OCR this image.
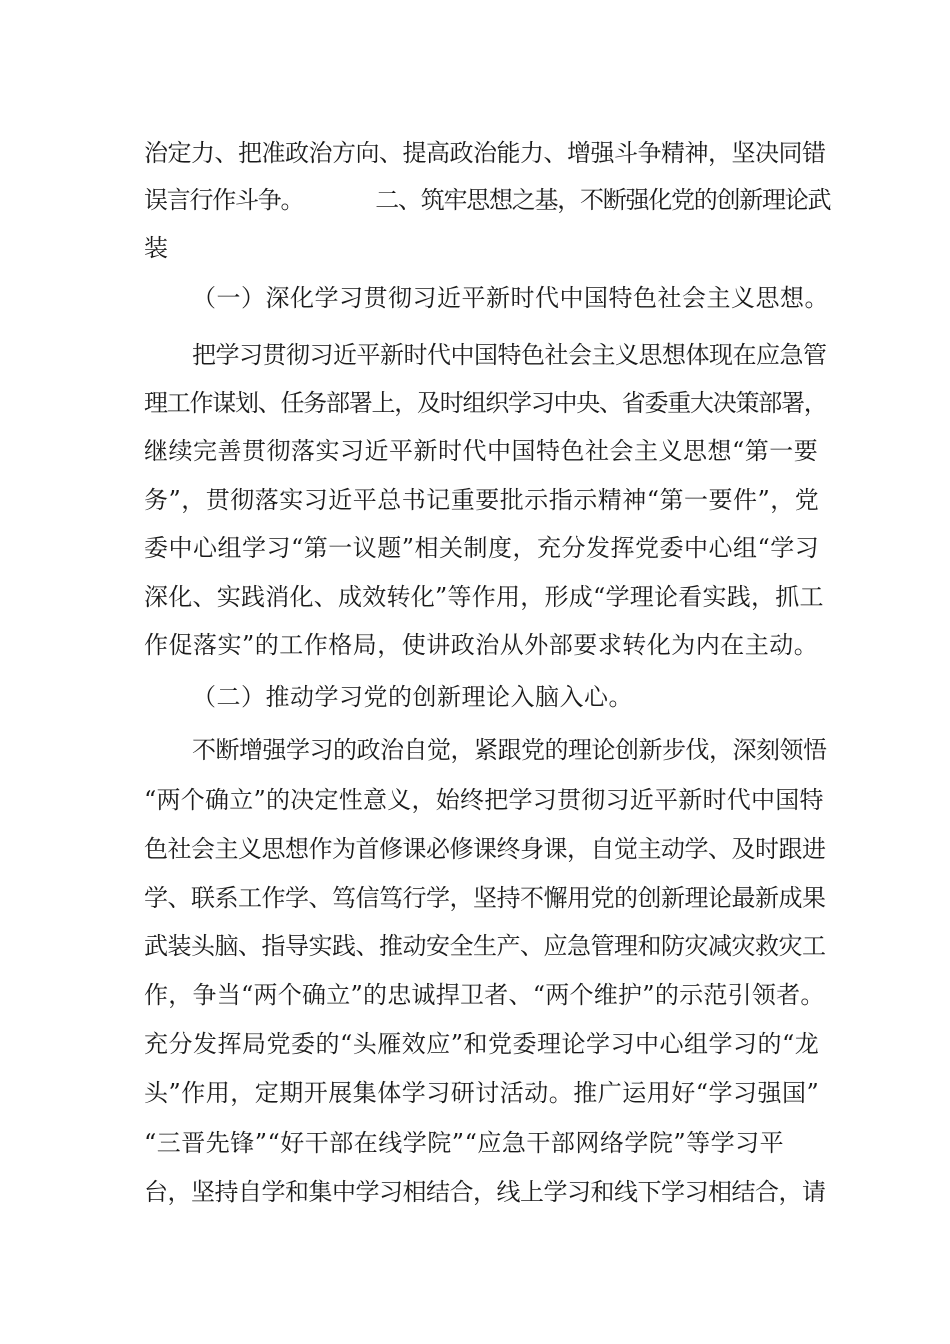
治定力、把准政治方向、提高政治能力、增强斗争精神，坚决同错
误言行作斗争。	二、筑牢思想之基，不断强化党的创新理论武
装
（一）深化学习贯彻习近平新时代中国特色社会主义思想。
把学习贯彻习近平新时代中国特色社会主义思想体现在应急管
理工作谋划、任务部署上，及时组织学习中央、省委重大决策部署，
继续完善贯彻落实习近平新时代中国特色社会主义思想“第一要
务”，贯彻落实习近平总书记重要批示指示精神“第一要件”，党
委中心组学习“第一议题”相关制度，充分发挥党委中心组“学习
深化、实践消化、成效转化”等作用，形成“学理论看实践，抓工
作促落实”的工作格局，使讲政治从外部要求转化为内在主动。
（二）推动学习党的创新理论入脑入心。
不断增强学习的政治自觉，紧跟党的理论创新步伐，深刻领悟
“两个确立”的决定性意义，始终把学习贯彻习近平新时代中国特
色社会主义思想作为首修课必修课终身课，自觉主动学、及时跟进
学、联系工作学、笃信笃行学，坚持不懈用党的创新理论最新成果
武装头脑、指导实践、推动安全生产、应急管理和防灾减灾救灾工
作，争当“两个确立”的忠诚捍卫者、“两个维护”的示范引领者。
充分发挥局党委的“头雁效应”和党委理论学习中心组学习的“龙
头”作用，定期开展集体学习研讨活动。推广运用好“学习强国”
“三晋先锋”“好干部在线学院”“应急干部网络学院”等学习平
台，坚持自学和集中学习相结合，线上学习和线下学习相结合，请
